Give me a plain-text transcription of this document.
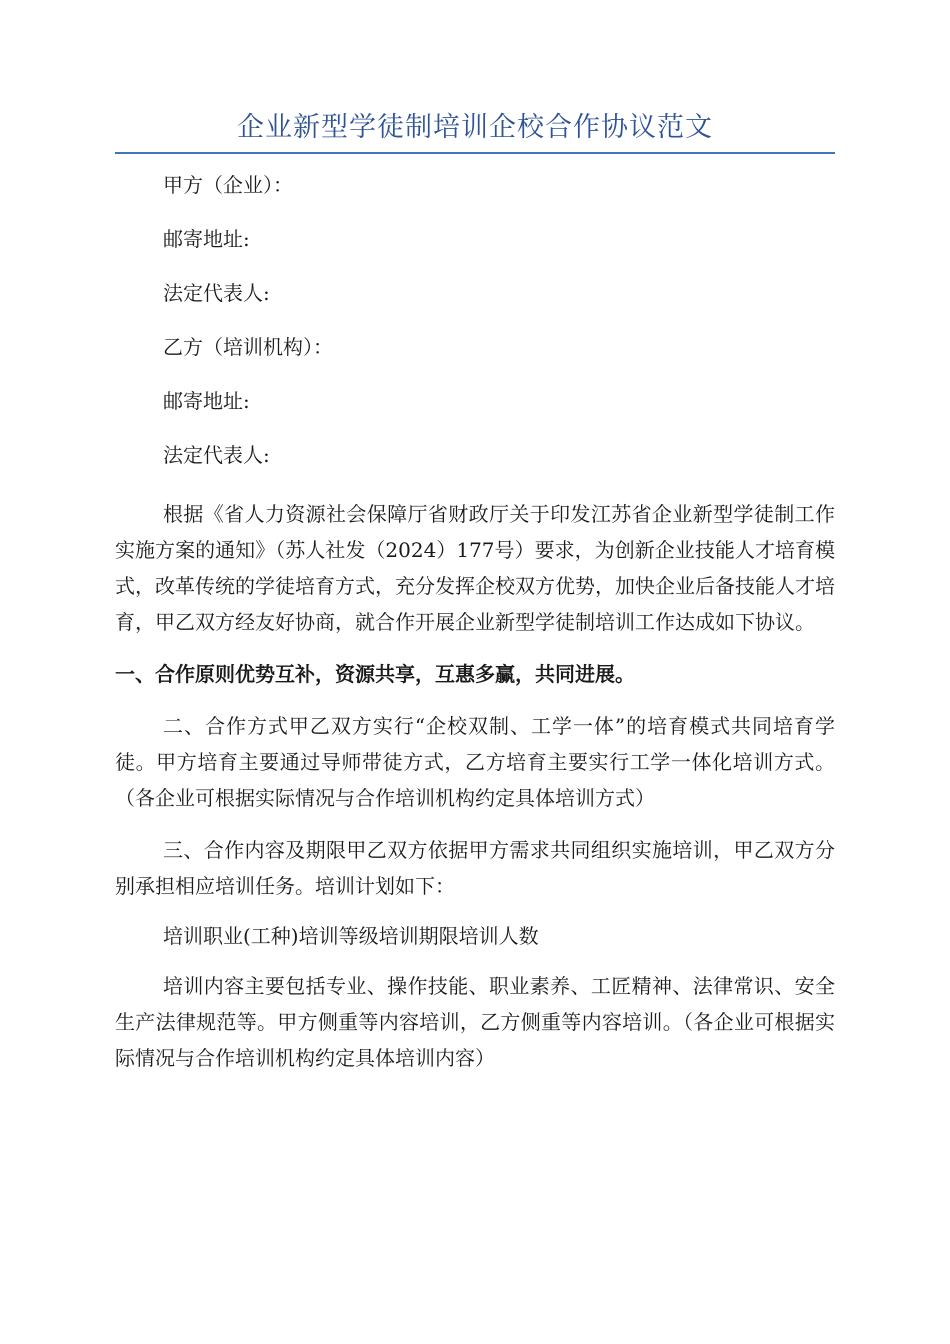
企业新型学徒制培训企校合作协议范文

甲方（企业）：

邮寄地址:

法定代表人:

乙方（培训机构）：

邮寄地址:

法定代表人:

根据《省人力资源社会保障厅省财政厅关于印发江苏省企业新型学徒制工作实施方案的通知》（苏人社发（2024）177号）要求，为创新企业技能人才培育模式，改革传统的学徒培育方式，充分发挥企校双方优势，加快企业后备技能人才培育，甲乙双方经友好协商，就合作开展企业新型学徒制培训工作达成如下协议。

一、合作原则优势互补，资源共享，互惠多赢，共同进展。

二、合作方式甲乙双方实行“企校双制、工学一体”的培育模式共同培育学徒。甲方培育主要通过导师带徒方式，乙方培育主要实行工学一体化培训方式。（各企业可根据实际情况与合作培训机构约定具体培训方式）

三、合作内容及期限甲乙双方依据甲方需求共同组织实施培训，甲乙双方分别承担相应培训任务。培训计划如下：

培训职业(工种)培训等级培训期限培训人数

培训内容主要包括专业、操作技能、职业素养、工匠精神、法律常识、安全生产法律规范等。甲方侧重等内容培训，乙方侧重等内容培训。（各企业可根据实际情况与合作培训机构约定具体培训内容）
